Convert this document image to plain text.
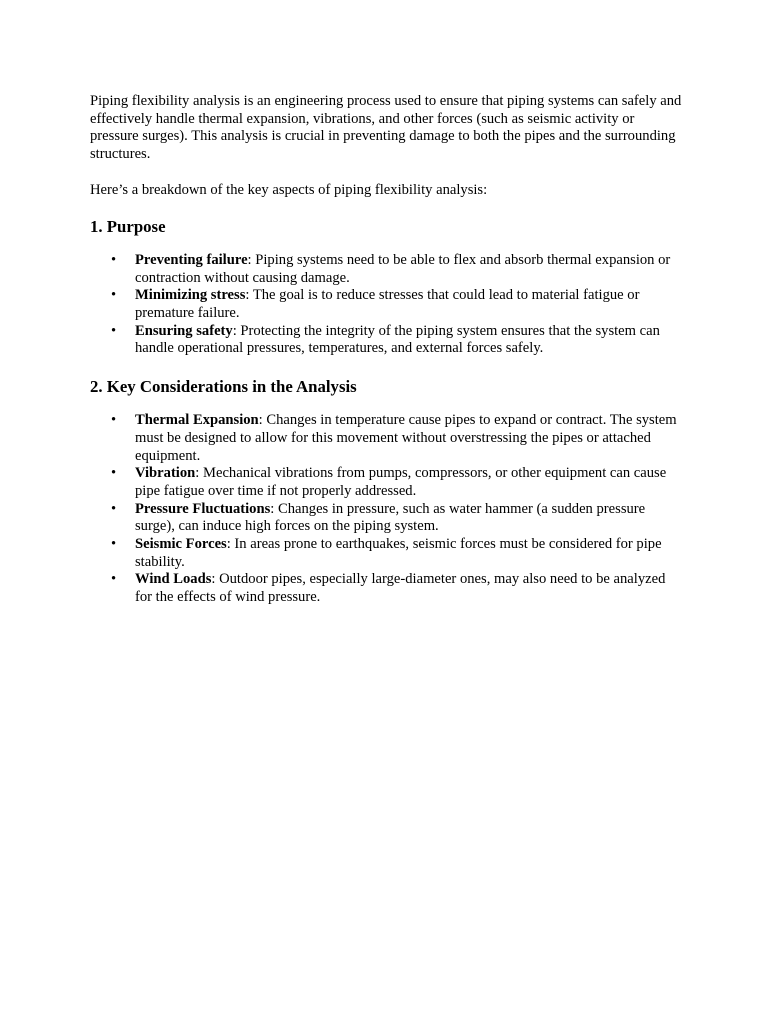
Piping flexibility analysis is an engineering process used to ensure that piping systems can safely and effectively handle thermal expansion, vibrations, and other forces (such as seismic activity or pressure surges). This analysis is crucial in preventing damage to both the pipes and the surrounding structures.

Here’s a breakdown of the key aspects of piping flexibility analysis:

1. Purpose
• Preventing failure: Piping systems need to be able to flex and absorb thermal expansion or contraction without causing damage.
• Minimizing stress: The goal is to reduce stresses that could lead to material fatigue or premature failure.
• Ensuring safety: Protecting the integrity of the piping system ensures that the system can handle operational pressures, temperatures, and external forces safely.
2. Key Considerations in the Analysis
• Thermal Expansion: Changes in temperature cause pipes to expand or contract. The system must be designed to allow for this movement without overstressing the pipes or attached equipment.
• Vibration: Mechanical vibrations from pumps, compressors, or other equipment can cause pipe fatigue over time if not properly addressed.
• Pressure Fluctuations: Changes in pressure, such as water hammer (a sudden pressure surge), can induce high forces on the piping system.
• Seismic Forces: In areas prone to earthquakes, seismic forces must be considered for pipe stability.
• Wind Loads: Outdoor pipes, especially large-diameter ones, may also need to be analyzed for the effects of wind pressure.
